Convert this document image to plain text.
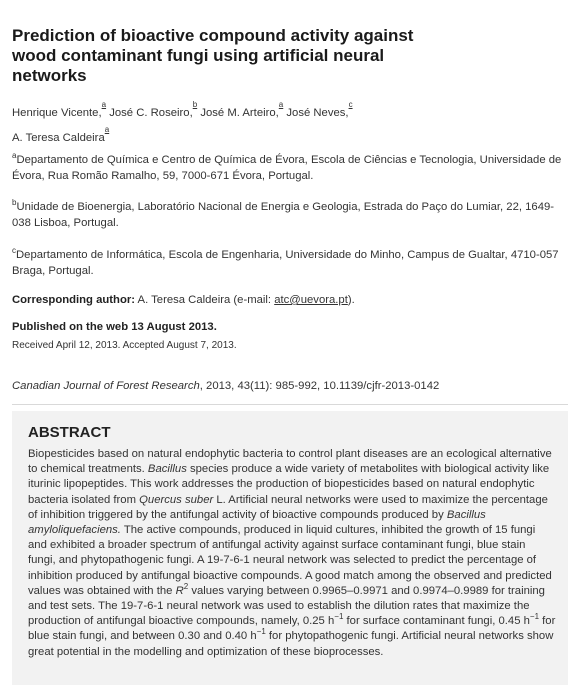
Prediction of bioactive compound activity against wood contaminant fungi using artificial neural networks
Henrique Vicente,$^{^a}$ José C. Roseiro,$^{^b}$ José M. Arteiro,$^{^a}$ José Neves,$^{^c}$
A. Teresa Caldeira$^{^a}$
$^a$Departamento de Química e Centro de Química de Évora, Escola de Ciências e Tecnologia, Universidade de Évora, Rua Romão Ramalho, 59, 7000-671 Évora, Portugal.
$^b$Unidade de Bioenergia, Laboratório Nacional de Energia e Geologia, Estrada do Paço do Lumiar, 22, 1649-038 Lisboa, Portugal.
$^c$Departamento de Informática, Escola de Engenharia, Universidade do Minho, Campus de Gualtar, 4710-057 Braga, Portugal.
Corresponding author: A. Teresa Caldeira (e-mail: atc@uevora.pt).
Published on the web 13 August 2013.
Received April 12, 2013. Accepted August 7, 2013.
Canadian Journal of Forest Research, 2013, 43(11): 985-992, 10.1139/cjfr-2013-0142
ABSTRACT
Biopesticides based on natural endophytic bacteria to control plant diseases are an ecological alternative to chemical treatments. Bacillus species produce a wide variety of metabolites with biological activity like iturinic lipopeptides. This work addresses the production of biopesticides based on natural endophytic bacteria isolated from Quercus suber L. Artificial neural networks were used to maximize the percentage of inhibition triggered by the antifungal activity of bioactive compounds produced by Bacillus amyloliquefaciens. The active compounds, produced in liquid cultures, inhibited the growth of 15 fungi and exhibited a broader spectrum of antifungal activity against surface contaminant fungi, blue stain fungi, and phytopathogenic fungi. A 19-7-6-1 neural network was selected to predict the percentage of inhibition produced by antifungal bioactive compounds. A good match among the observed and predicted values was obtained with the $R^2$ values varying between 0.9965–0.9971 and 0.9974–0.9989 for training and test sets. The 19-7-6-1 neural network was used to establish the dilution rates that maximize the production of antifungal bioactive compounds, namely, 0.25 $h^{-1}$ for surface contaminant fungi, 0.45 $h^{-1}$ for blue stain fungi, and between 0.30 and 0.40 $h^{-1}$ for phytopathogenic fungi. Artificial neural networks show great potential in the modelling and optimization of these bioprocesses.
